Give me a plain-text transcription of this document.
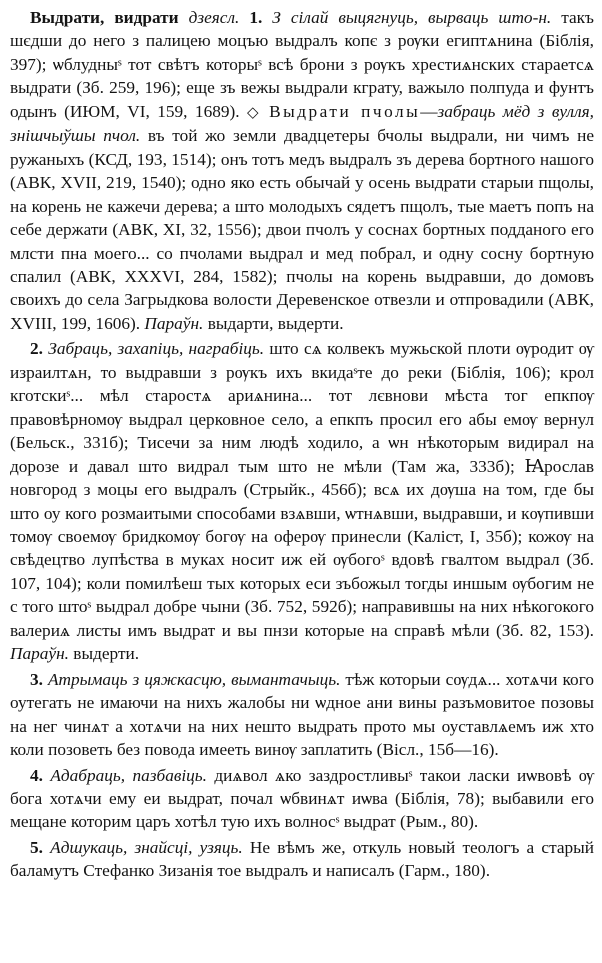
Выдрати, видрати дзеясл. 1. З сілай выцягнуць, вырваць што-н. такъ шєдши до него з палицею моцъю выдралъ копє з рѹки египтѧнина (Біблія, 397); ѡблудныˢ тот свѣтъ которыˢ всѣ брони з рѹкъ хрестиѧнских стараетсѧ выдрати (Зб. 259, 196); еще зъ вежы выдрали кграту, важыло полпуда и фунтъ одынъ (ИЮМ, VI, 159, 1689). ◇ Выдрати пчолы—забраць мёд з вулля, знішчыўшы пчол. въ той жо земли двадцетеры бчолы выдрали, ни чимъ не ружаныхъ (КСД, 193, 1514); онъ тотъ медъ выдралъ зъ дерева бортного нашого (АВК, XVII, 219, 1540); одно яко есть обычай у осень выдрати старыи пщолы, на корень не кажечи дерева; а што молодыхъ сядетъ пщолъ, тые маетъ попъ на себе держати (АВК, XI, 32, 1556); двои пчолъ у соснах бортных подданого его млсти пна моего... со пчолами выдрал и мед побрал, и одну сосну бортную спалил (АВК, XXXVI, 284, 1582); пчолы на корень выдравши, до домовъ своихъ до села Загрыдкова волости Деревенское отвезли и отпровадили (АВК, XVIII, 199, 1606). Параўн. выдарти, выдерти.

2. Забраць, захапіць, награбіць. што сѧ колвекъ мужьской плоти ѹродит ѹ израилтѧн, то выдравши з рѹкъ ихъ вкидаˢте до реки (Біблія, 106); крол кготскиˢ... мѣл старостѧ ариѧнина... тот лєвнови мѣста тог епкпѹ правовѣрномѹ выдрал церковное село, а епкпъ просил его абы емѹ вернул (Бельск., 331б); Тисечи за ним людѣ ходило, а ѡн нѣкоторым видирал на дорозе и давал што видрал тым што не мѣли (Там жа, 333б); Ꙗрослав новгород з моцы его выдралъ (Стрыйк., 456б); всѧ их дѹша на том, где бы што оу кого розмаитыми способами взѧвши, ѡтнѧвши, выдравши, и кѹпивши томѹ своемѹ бридкомѹ богѹ на оферѹ принесли (Каліст, I, 35б); кожѹ на свѣдецтво лупѣства в муках носит иж ей ѹбогоˢ вдовѣ гвалтом выдрал (Зб. 107, 104); коли помилѣеш тых которых еси зъбожыл тогды иншым ѹбогим не с того штоˢ выдрал добре чыни (Зб. 752, 592б); направившы на них нѣкогокого валериѧ листы имъ выдрат и вы пнзи которые на справѣ мѣли (Зб. 82, 153). Параўн. выдерти.

3. Атрымаць з цяжкасцю, вымантачыць. тѣж которыи сѹдѧ... хотѧчи кого оутегать не имаючи на нихъ жалобы ни ѡдное ани вины разъмовитое позовы на нег чинѧт а хотѧчи на них нешто выдрать прото мы оуставлѧемъ иж хто коли позоветь без повода имееть винѹ заплатить (Вісл., 15б—16).

4. Адабраць, пазбавіць. диѧвол ѧко заздростливыˢ такои ласки иѡвовѣ ѹ бога хотѧчи ему еи выдрат, почал ѡбвинѧт иѡва (Біблія, 78); выбавили его мещане которим царъ хотѣл тую ихъ волносˢ выдрат (Рым., 80).

5. Адшукаць, знайсці, узяць. Не вѣмъ же, откуль новый теологъ а старый баламутъ Стефанко Зизанія тое выдралъ и написалъ (Гарм., 180).
